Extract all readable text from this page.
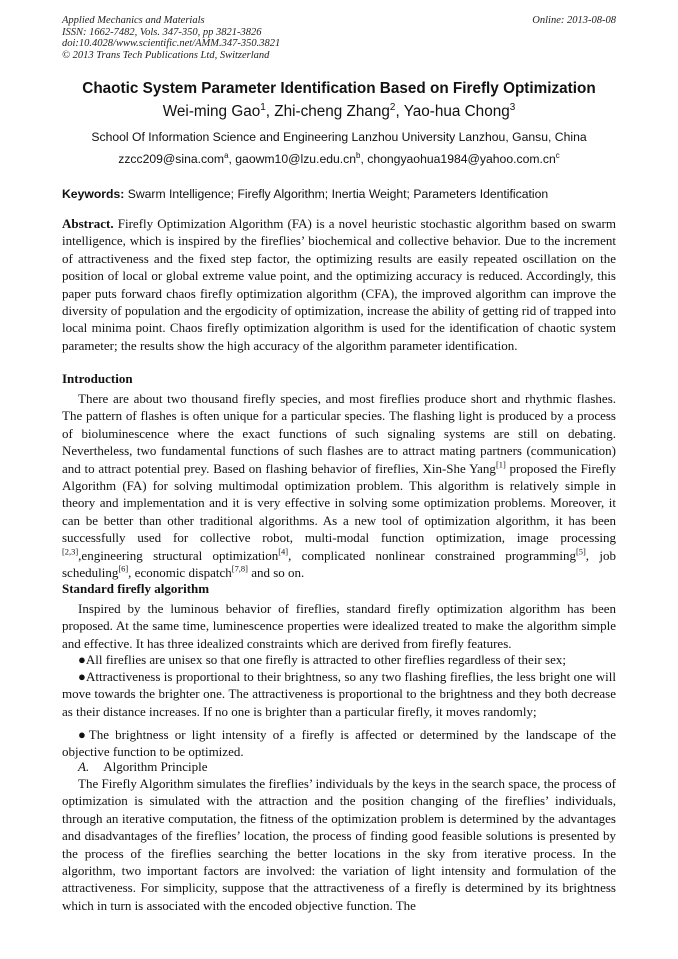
Applied Mechanics and Materials
ISSN: 1662-7482, Vols. 347-350, pp 3821-3826
doi:10.4028/www.scientific.net/AMM.347-350.3821
© 2013 Trans Tech Publications Ltd, Switzerland
Online: 2013-08-08
Chaotic System Parameter Identification Based on Firefly Optimization
Wei-ming Gao$^1$, Zhi-cheng Zhang$^2$, Yao-hua Chong$^3$
School Of Information Science and Engineering Lanzhou University Lanzhou, Gansu, China
zzcc209@sina.com$^a$, $gaowm10@lzu.edu.cn^b$, $chongyaohua1984@yahoo.com.cn^c$
Keywords: Swarm Intelligence; Firefly Algorithm; Inertia Weight; Parameters Identification
Abstract. Firefly Optimization Algorithm (FA) is a novel heuristic stochastic algorithm based on swarm intelligence, which is inspired by the fireflies’ biochemical and collective behavior. Due to the increment of attractiveness and the fixed step factor, the optimizing results are easily repeated oscillation on the position of local or global extreme value point, and the optimizing accuracy is reduced. Accordingly, this paper puts forward chaos firefly optimization algorithm (CFA), the improved algorithm can improve the diversity of population and the ergodicity of optimization, increase the ability of getting rid of trapped into local minima point. Chaos firefly optimization algorithm is used for the identification of chaotic system parameter; the results show the high accuracy of the algorithm parameter identification.
Introduction
There are about two thousand firefly species, and most fireflies produce short and rhythmic flashes. The pattern of flashes is often unique for a particular species. The flashing light is produced by a process of bioluminescence where the exact functions of such signaling systems are still on debating. Nevertheless, two fundamental functions of such flashes are to attract mating partners (communication) and to attract potential prey. Based on flashing behavior of fireflies, Xin-She Yang[1] proposed the Firefly Algorithm (FA) for solving multimodal optimization problem. This algorithm is relatively simple in theory and implementation and it is very effective in solving some optimization problems. Moreover, it can be better than other traditional algorithms. As a new tool of optimization algorithm, it has been successfully used for collective robot, multi-modal function optimization, image processing [2,3],engineering structural optimization[4], complicated nonlinear constrained programming[5], job scheduling[6], economic dispatch[7,8] and so on.
Standard firefly algorithm
Inspired by the luminous behavior of fireflies, standard firefly optimization algorithm has been proposed. At the same time, luminescence properties were idealized treated to make the algorithm simple and effective. It has three idealized constraints which are derived from firefly features.
●All fireflies are unisex so that one firefly is attracted to other fireflies regardless of their sex;
●Attractiveness is proportional to their brightness, so any two flashing fireflies, the less bright one will move towards the brighter one. The attractiveness is proportional to the brightness and they both decrease as their distance increases. If no one is brighter than a particular firefly, it moves randomly;
●The brightness or light intensity of a firefly is affected or determined by the landscape of the objective function to be optimized.
A. Algorithm Principle
The Firefly Algorithm simulates the fireflies’ individuals by the keys in the search space, the process of optimization is simulated with the attraction and the position changing of the fireflies’ individuals, through an iterative computation, the fitness of the optimization problem is determined by the advantages and disadvantages of the fireflies’ location, the process of finding good feasible solutions is presented by the process of the fireflies searching the better locations in the sky from iterative process. In the algorithm, two important factors are involved: the variation of light intensity and formulation of the attractiveness. For simplicity, suppose that the attractiveness of a firefly is determined by its brightness which in turn is associated with the encoded objective function. The
